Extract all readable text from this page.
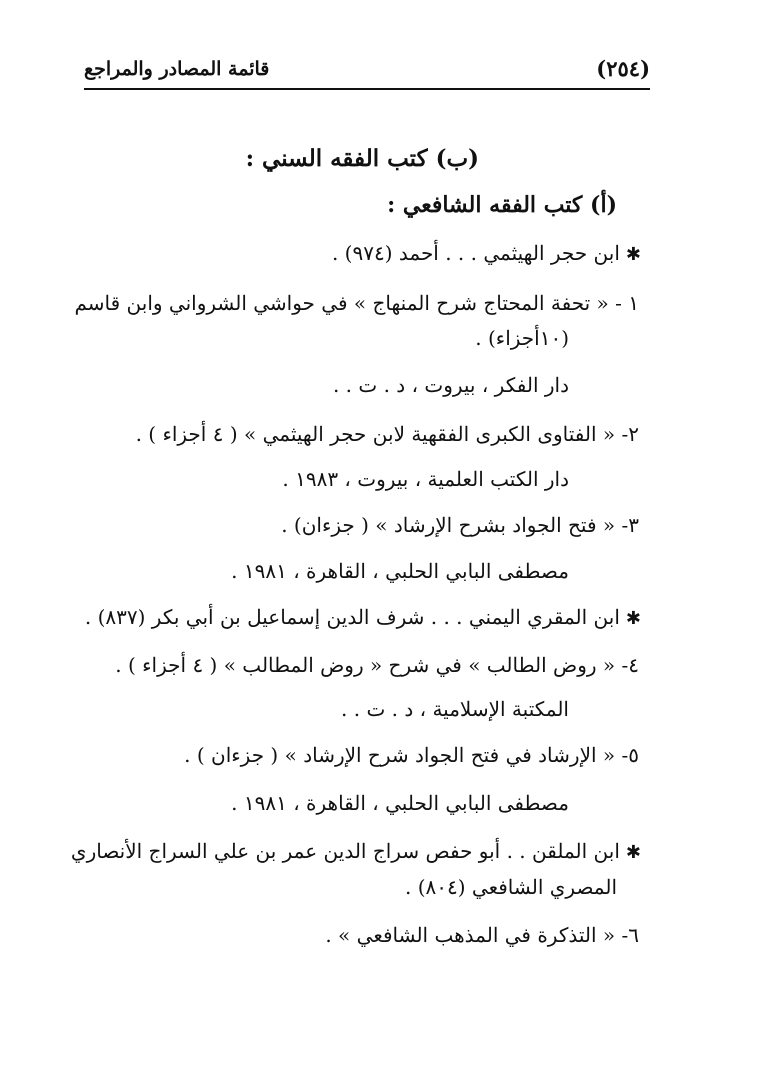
(٢٥٤)
قائمة المصادر والمراجع
(ب) كتب الفقه السني :
(أ) كتب الفقه الشافعي :
✱ابن حجر الهيثمي . . . أحمد (٩٧٤) .
١ - « تحفة المحتاج شرح المنهاج » في حواشي الشرواني وابن قاسم
(١٠أجزاء) .
دار الفكر ، بيروت ، د . ت . .
٢- « الفتاوى الكبرى الفقهية لابن حجر الهيثمي » ( ٤ أجزاء ) .
دار الكتب العلمية ، بيروت ، ١٩٨٣ .
٣- « فتح الجواد بشرح الإرشاد » ( جزءان) .
مصطفى البابي الحلبي ، القاهرة ، ١٩٨١ .
✱ابن المقري اليمني . . . شرف الدين إسماعيل بن أبي بكر (٨٣٧) .
٤- « روض الطالب » في شرح « روض المطالب » ( ٤ أجزاء ) .
المكتبة الإسلامية ، د . ت . .
٥- « الإرشاد في فتح الجواد شرح الإرشاد » ( جزءان ) .
مصطفى البابي الحلبي ، القاهرة ، ١٩٨١ .
✱ابن الملقن . . أبو حفص سراج الدين عمر بن علي السراج الأنصاري
المصري الشافعي (٨٠٤) .
٦- « التذكرة في المذهب الشافعي » .
